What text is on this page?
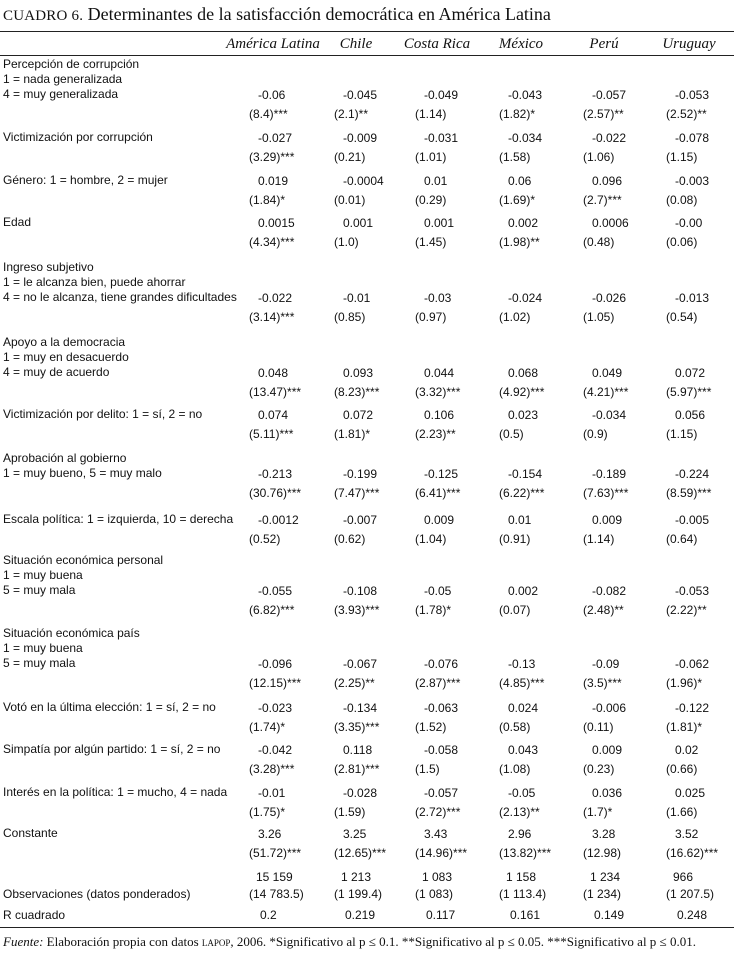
CUADRO 6. Determinantes de la satisfacción democrática en América Latina
América Latina	Chile	Costa Rica	México	Perú	Uruguay
Percepción de corrupción
1 = nada generalizada
4 = muy generalizada	-0.06	-0.045	-0.049	-0.043	-0.057	-0.053
(8.4)***	(2.1)**	(1.14)	(1.82)*	(2.57)**	(2.52)**
Victimización por corrupción	-0.027	-0.009	-0.031	-0.034	-0.022	-0.078
(3.29)***	(0.21)	(1.01)	(1.58)	(1.06)	(1.15)
Género: 1 = hombre, 2 = mujer	0.019	-0.0004	0.01	0.06	0.096	-0.003
(1.84)*	(0.01)	(0.29)	(1.69)*	(2.7)***	(0.08)
Edad	0.0015	0.001	0.001	0.002	0.0006	-0.00
(4.34)***	(1.0)	(1.45)	(1.98)**	(0.48)	(0.06)
Ingreso subjetivo
1 = le alcanza bien, puede ahorrar
4 = no le alcanza, tiene grandes dificultades -0.022	-0.01	-0.03	-0.024	-0.026	-0.013
(3.14)***	(0.85)	(0.97)	(1.02)	(1.05)	(0.54)
Apoyo a la democracia
1 = muy en desacuerdo
4 = muy de acuerdo	0.048	0.093	0.044	0.068	0.049	0.072
(13.47)***	(8.23)***	(3.32)***	(4.92)***	(4.21)***	(5.97)***
Victimización por delito: 1 = sí, 2 = no	0.074	0.072	0.106	0.023	-0.034	0.056
(5.11)***	(1.81)*	(2.23)**	(0.5)	(0.9)	(1.15)
Aprobación al gobierno
1 = muy bueno, 5 = muy malo	-0.213	-0.199	-0.125	-0.154	-0.189	-0.224
(30.76)***	(7.47)***	(6.41)***	(6.22)***	(7.63)***	(8.59)***
Escala política: 1 = izquierda, 10 = derecha -0.0012	-0.007	0.009	0.01	0.009	-0.005
(0.52)	(0.62)	(1.04)	(0.91)	(1.14)	(0.64)
Situación económica personal
1 = muy buena
5 = muy mala	-0.055	-0.108	-0.05	0.002	-0.082	-0.053
(6.82)***	(3.93)***	(1.78)*	(0.07)	(2.48)**	(2.22)**
Situación económica país
1 = muy buena
5 = muy mala	-0.096	-0.067	-0.076	-0.13	-0.09	-0.062
(12.15)***	(2.25)**	(2.87)***	(4.85)***	(3.5)***	(1.96)*
Votó en la última elección: 1 = sí, 2 = no	-0.023	-0.134	-0.063	0.024	-0.006	-0.122
(1.74)*	(3.35)***	(1.52)	(0.58)	(0.11)	(1.81)*
Simpatía por algún partido: 1 = sí, 2 = no	-0.042	0.118	-0.058	0.043	0.009	0.02
(3.28)***	(2.81)***	(1.5)	(1.08)	(0.23)	(0.66)
Interés en la política: 1 = mucho, 4 = nada	-0.01	-0.028	-0.057	-0.05	0.036	0.025
(1.75)*	(1.59)	(2.72)***	(2.13)**	(1.7)*	(1.66)
Constante	3.26	3.25	3.43	2.96	3.28	3.52
(51.72)***	(12.65)*** (14.96)***	(13.82)***	(12.98)	(16.62)***
15 159	1 213	1 083	1 158	1 234	966
Observaciones (datos ponderados)	(14 783.5)	(1 199.4)	(1 083)	(1 113.4)	(1 234)	(1 207.5)
R cuadrado	0.2	0.219	0.117	0.161	0.149	0.248
Fuente: Elaboración propia con datos lapop, 2006. *Significativo al p ≤ 0.1. **Significativo al p ≤ 0.05. ***Significativo al p ≤ 0.01.
